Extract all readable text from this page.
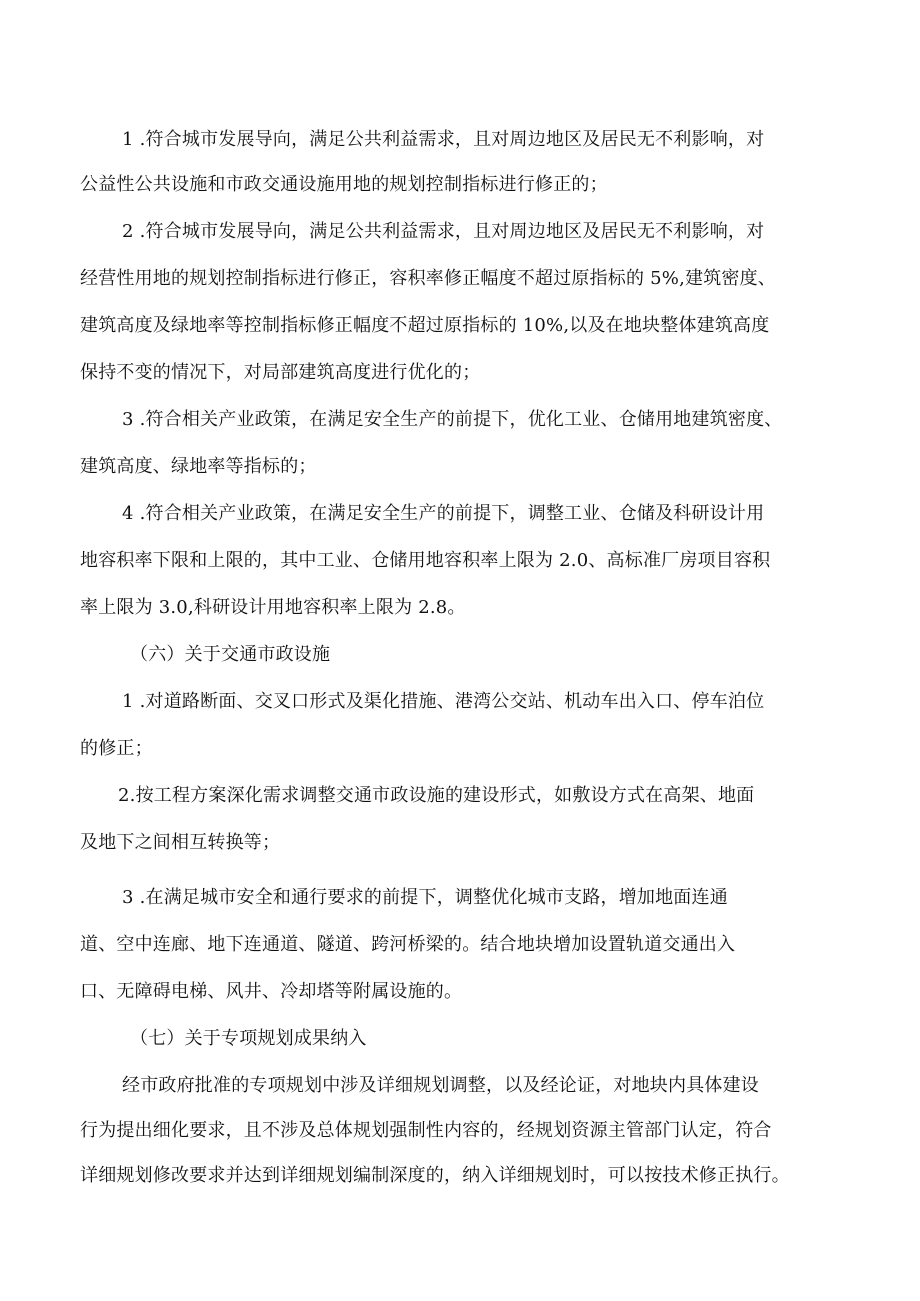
1 .符合城市发展导向，满足公共利益需求，且对周边地区及居民无不利影响，对
公益性公共设施和市政交通设施用地的规划控制指标进行修正的；
2 .符合城市发展导向，满足公共利益需求，且对周边地区及居民无不利影响，对
经营性用地的规划控制指标进行修正，容积率修正幅度不超过原指标的 5%,建筑密度、
建筑高度及绿地率等控制指标修正幅度不超过原指标的 10%,以及在地块整体建筑高度
保持不变的情况下，对局部建筑高度进行优化的；
3 .符合相关产业政策，在满足安全生产的前提下，优化工业、仓储用地建筑密度、
建筑高度、绿地率等指标的；
4 .符合相关产业政策，在满足安全生产的前提下，调整工业、仓储及科研设计用
地容积率下限和上限的，其中工业、仓储用地容积率上限为 2.0、高标准厂房项目容积
率上限为 3.0,科研设计用地容积率上限为 2.8。
（六）关于交通市政设施
1 .对道路断面、交叉口形式及渠化措施、港湾公交站、机动车出入口、停车泊位
的修正；
2.按工程方案深化需求调整交通市政设施的建设形式，如敷设方式在高架、地面
及地下之间相互转换等；
3 .在满足城市安全和通行要求的前提下，调整优化城市支路，增加地面连通
道、空中连廊、地下连通道、隧道、跨河桥梁的。结合地块增加设置轨道交通出入
口、无障碍电梯、风井、冷却塔等附属设施的。
（七）关于专项规划成果纳入
经市政府批准的专项规划中涉及详细规划调整，以及经论证，对地块内具体建设
行为提出细化要求，且不涉及总体规划强制性内容的，经规划资源主管部门认定，符合
详细规划修改要求并达到详细规划编制深度的，纳入详细规划时，可以按技术修正执行。
